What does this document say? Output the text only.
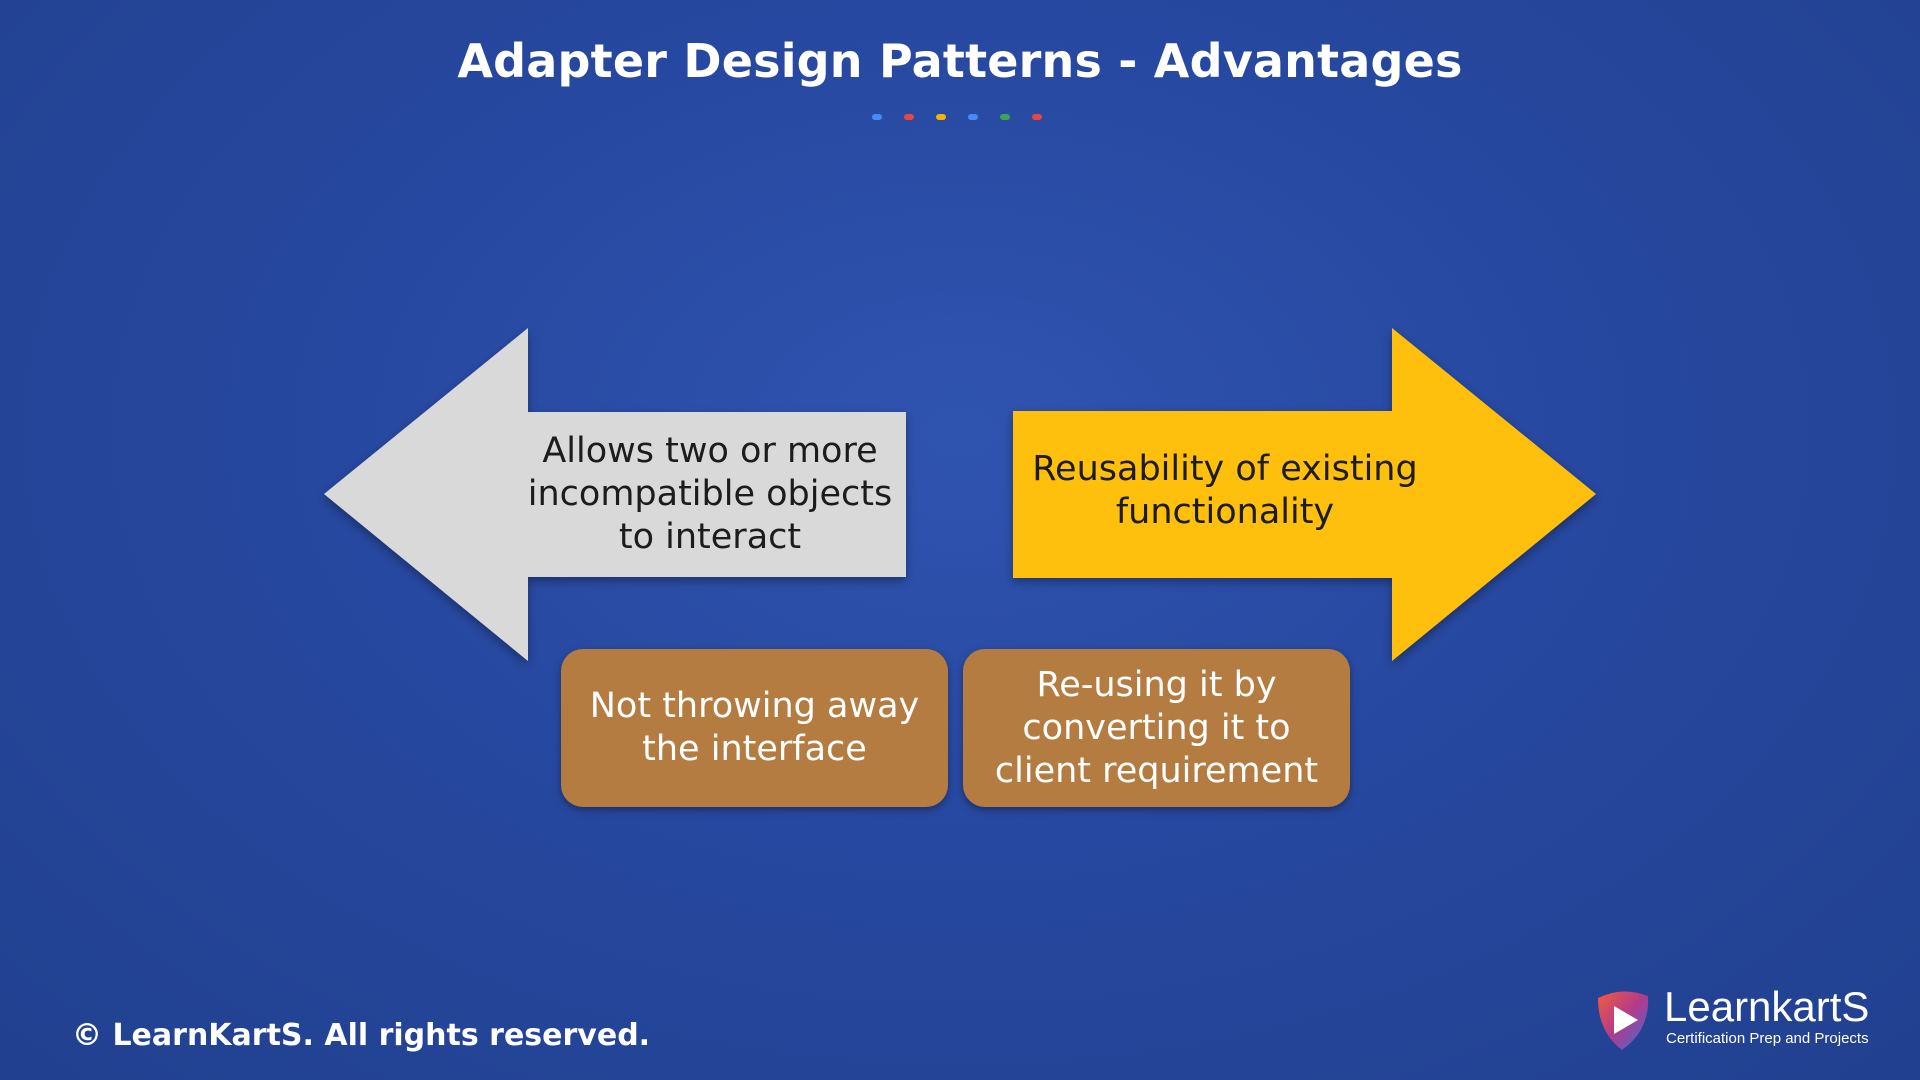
Adapter Design Patterns - Advantages
Allows two or more incompatible objects to interact
Reusability of existing functionality
Not throwing away the interface
Re-using it by converting it to client requirement
© LearnKartS. All rights reserved.
LearnkartS
Certification Prep and Projects
